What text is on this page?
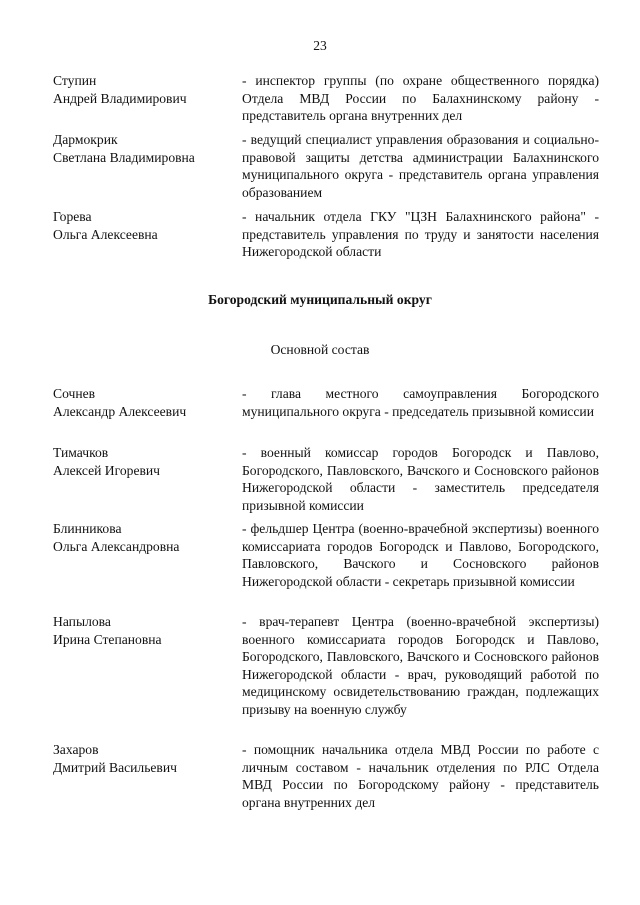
23
Ступин
Андрей Владимирович
- инспектор группы (по охране общественного порядка) Отдела МВД России по Балахнинскому району - представитель органа внутренних дел
Дармокрик
Светлана Владимировна
- ведущий специалист управления образования и социально-правовой защиты детства администрации Балахнинского муниципального округа - представитель органа управления образованием
Горева
Ольга Алексеевна
- начальник отдела ГКУ "ЦЗН Балахнинского района" - представитель управления по труду и занятости населения Нижегородской области
Богородский муниципальный округ
Основной состав
Сочнев
Александр Алексеевич
- глава местного самоуправления Богородского муниципального округа - председатель призывной комиссии
Тимачков
Алексей Игоревич
- военный комиссар городов Богородск и Павлово, Богородского, Павловского, Вачского и Сосновского районов Нижегородской области - заместитель председателя призывной комиссии
Блинникова
Ольга Александровна
- фельдшер Центра (военно-врачебной экспертизы) военного комиссариата городов Богородск и Павлово, Богородского, Павловского, Вачского и Сосновского районов Нижегородской области - секретарь призывной комиссии
Напылова
Ирина Степановна
- врач-терапевт Центра (военно-врачебной экспертизы) военного комиссариата городов Богородск и Павлово, Богородского, Павловского, Вачского и Сосновского районов Нижегородской области - врач, руководящий работой по медицинскому освидетельствованию граждан, подлежащих призыву на военную службу
Захаров
Дмитрий Васильевич
- помощник начальника отдела МВД России по работе с личным составом - начальник отделения по РЛС Отдела МВД России по Богородскому району - представитель органа внутренних дел
